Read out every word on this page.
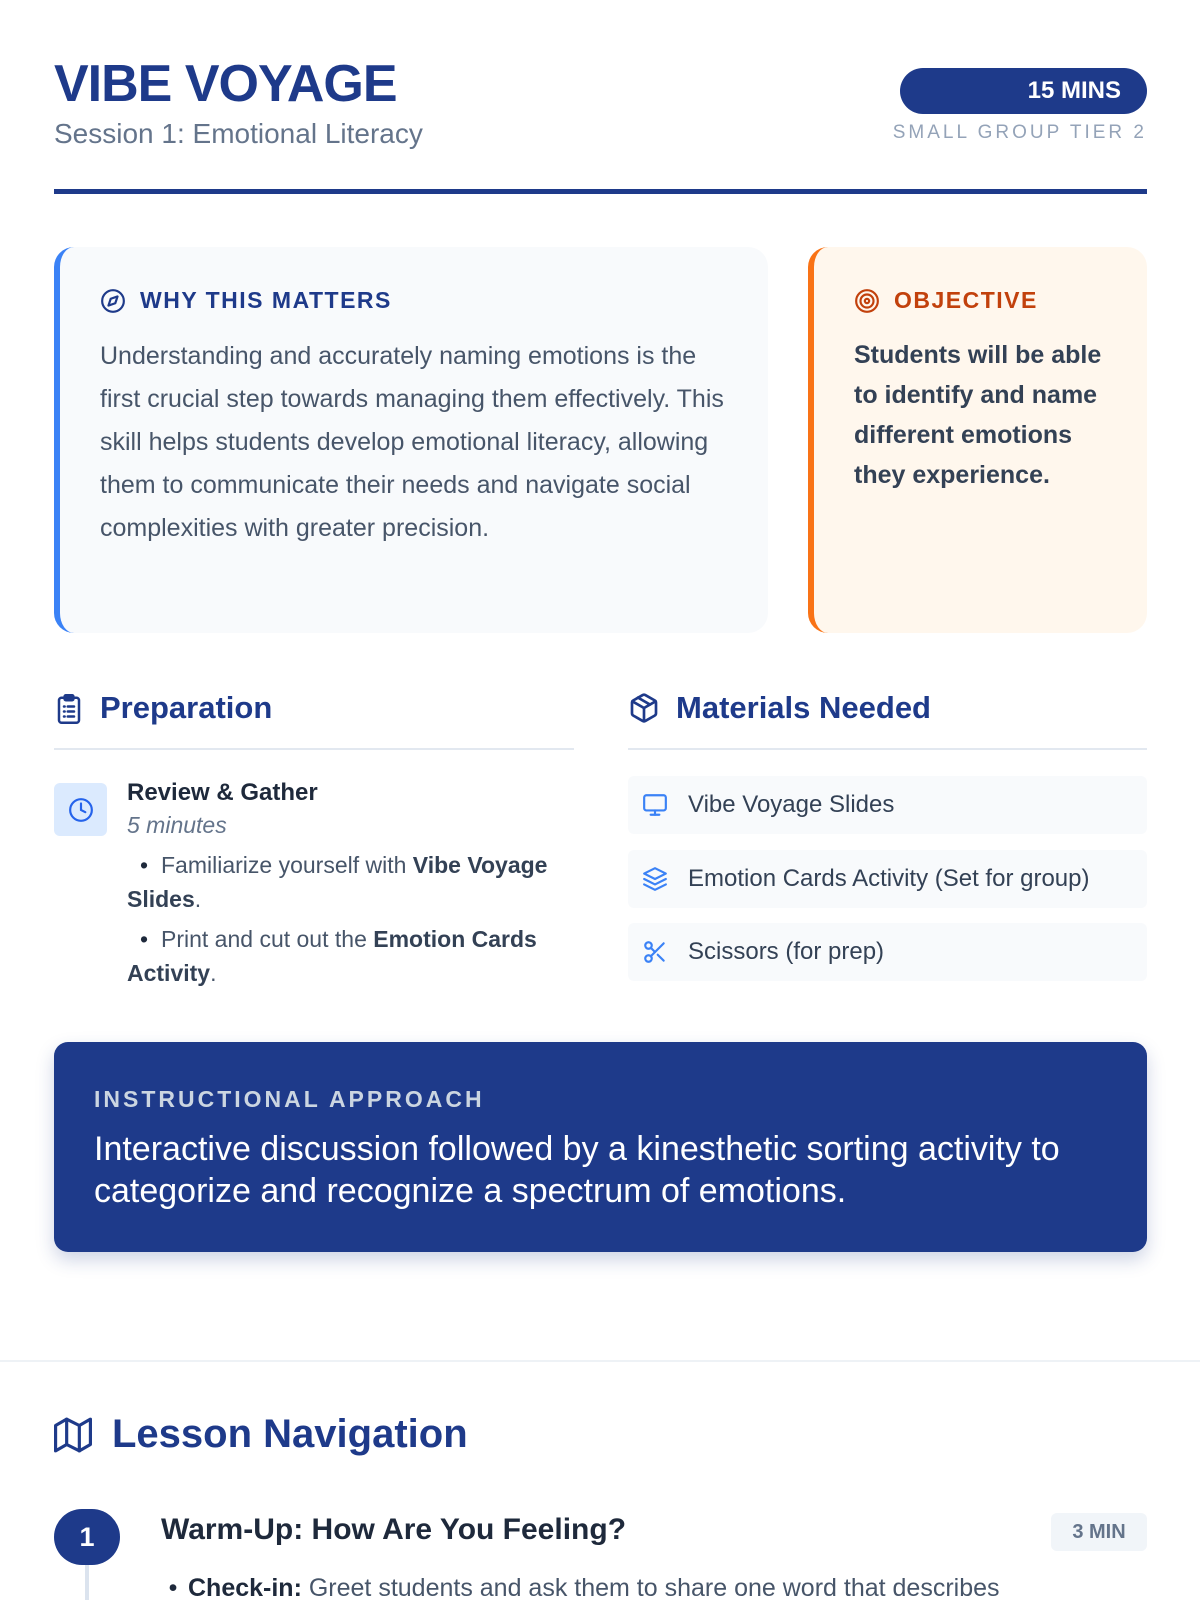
VIBE VOYAGE
Session 1: Emotional Literacy
15 MINS
SMALL GROUP TIER 2
WHY THIS MATTERS
Understanding and accurately naming emotions is the first crucial step towards managing them effectively. This skill helps students develop emotional literacy, allowing them to communicate their needs and navigate social complexities with greater precision.
OBJECTIVE
Students will be able to identify and name different emotions they experience.
Preparation
Review & Gather
5 minutes
• Familiarize yourself with Vibe Voyage Slides.
• Print and cut out the Emotion Cards Activity.
Materials Needed
Vibe Voyage Slides
Emotion Cards Activity (Set for group)
Scissors (for prep)
INSTRUCTIONAL APPROACH
Interactive discussion followed by a kinesthetic sorting activity to categorize and recognize a spectrum of emotions.
Lesson Navigation
1	Warm-Up: How Are You Feeling?	3 MIN
• Check-in: Greet students and ask them to share one word that describes
